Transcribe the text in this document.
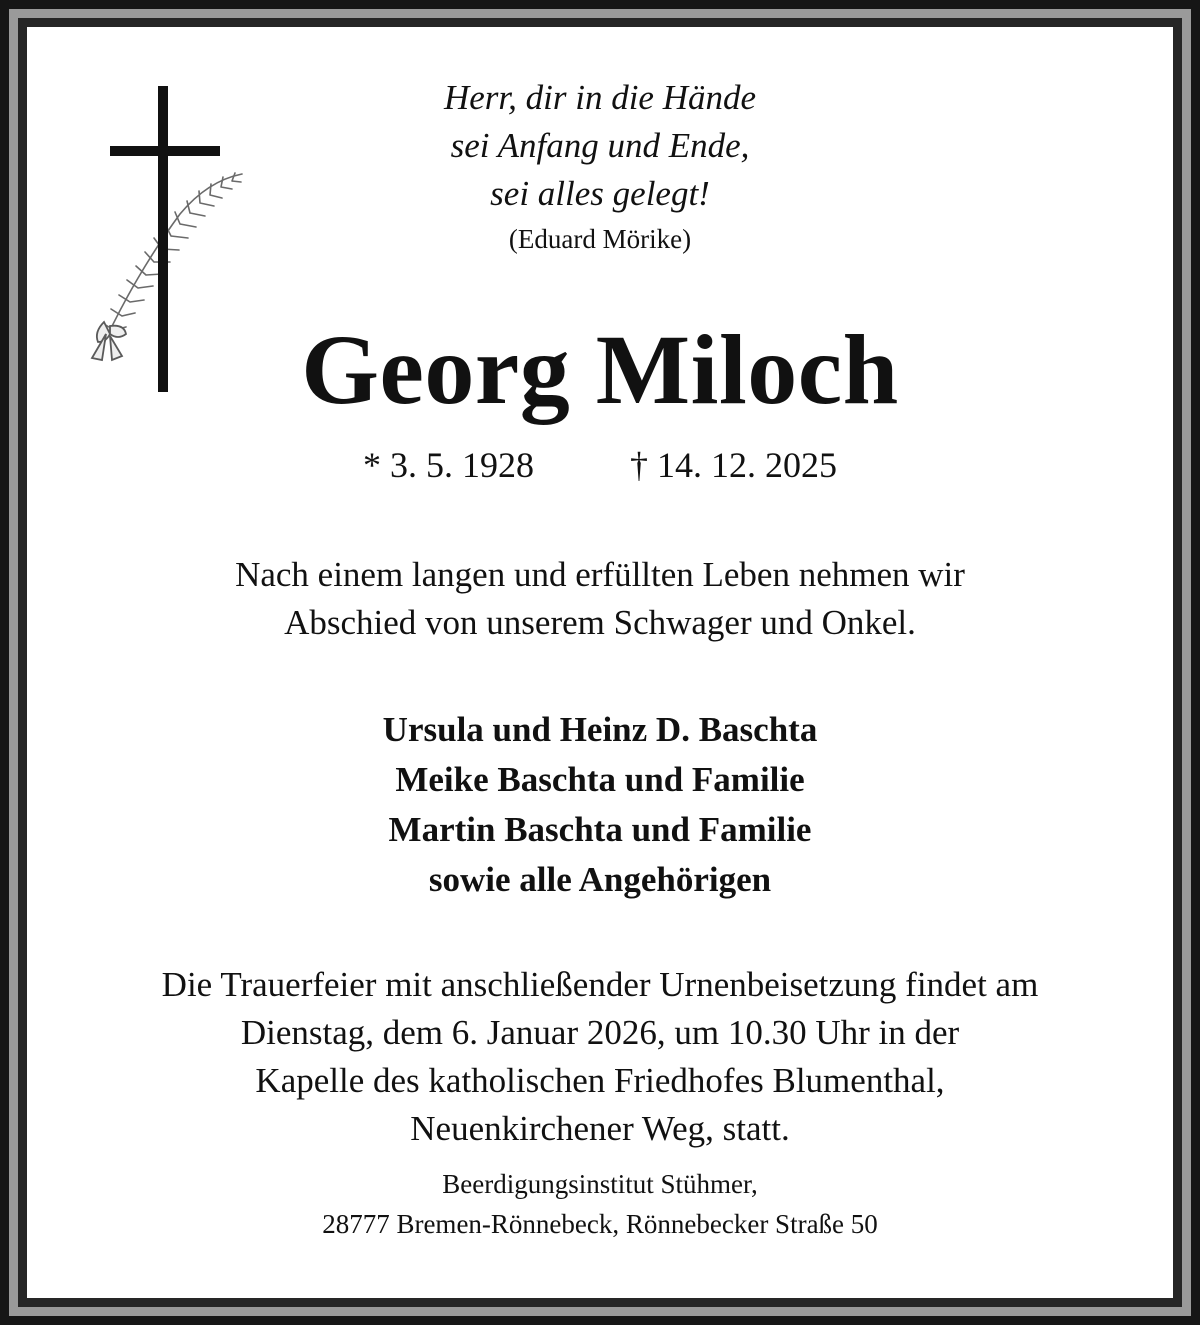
Herr, dir in die Hände

sei Anfang und Ende,

sei alles gelegt!

(Eduard Mörike)

Georg Miloch

* 3. 5. 1928	† 14. 12. 2025

Nach einem langen und erfüllten Leben nehmen wir

Abschied von unserem Schwager und Onkel.

Ursula und Heinz D. Baschta

Meike Baschta und Familie

Martin Baschta und Familie

sowie alle Angehörigen

Die Trauerfeier mit anschließender Urnenbeisetzung findet am

Dienstag, dem 6. Januar 2026, um 10.30 Uhr in der

Kapelle des katholischen Friedhofes Blumenthal,

Neuenkirchener Weg, statt.

Beerdigungsinstitut Stühmer,

28777 Bremen-Rönnebeck, Rönnebecker Straße 50
